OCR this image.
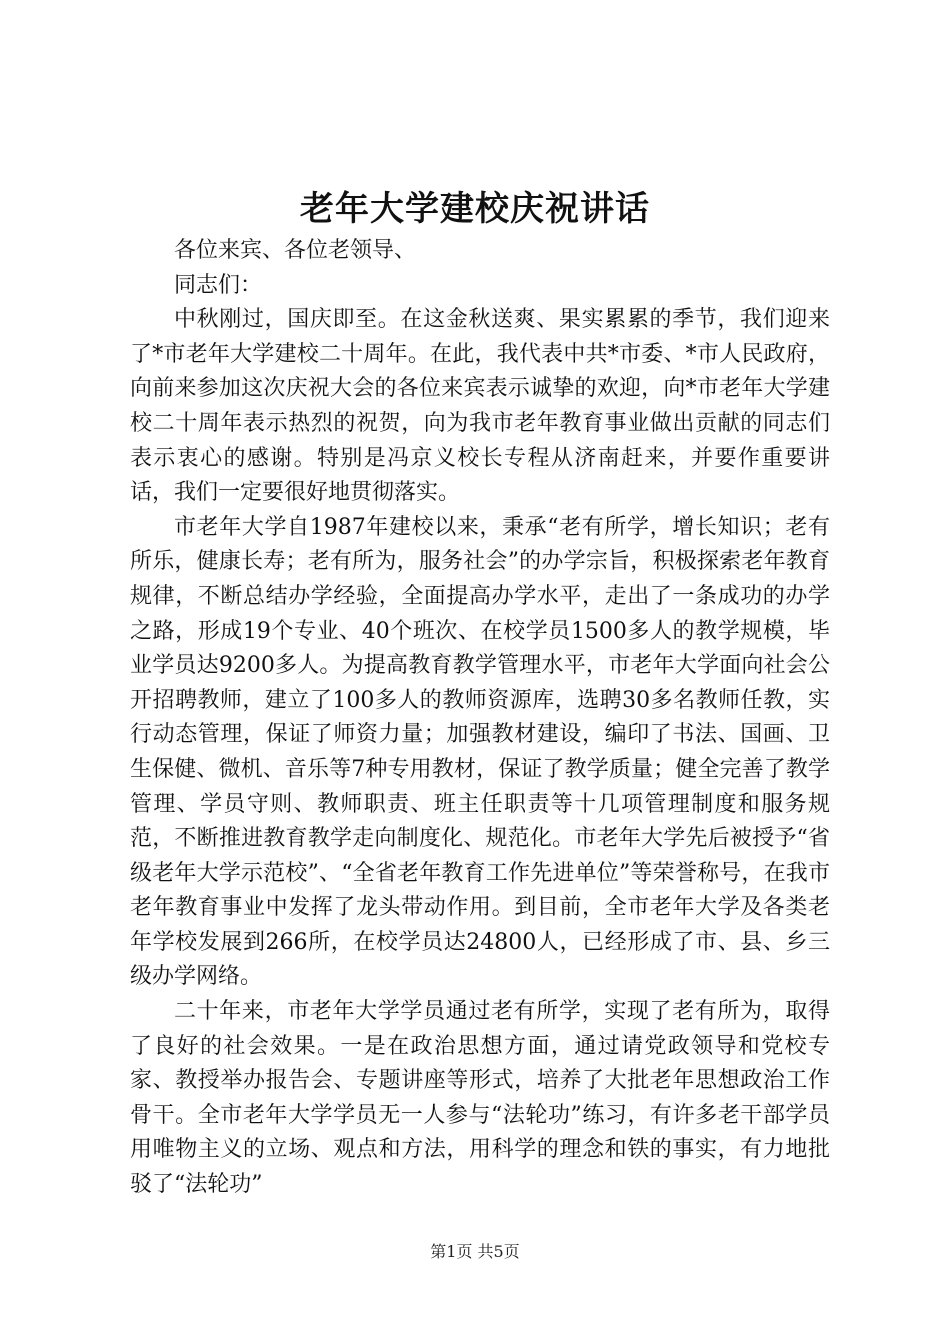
老年大学建校庆祝讲话

各位来宾、各位老领导、

同志们：

中秋刚过，国庆即至。在这金秋送爽、果实累累的季节，我们迎来了*市老年大学建校二十周年。在此，我代表中共*市委、*市人民政府，向前来参加这次庆祝大会的各位来宾表示诚挚的欢迎，向*市老年大学建校二十周年表示热烈的祝贺，向为我市老年教育事业做出贡献的同志们表示衷心的感谢。特别是冯京义校长专程从济南赶来，并要作重要讲话，我们一定要很好地贯彻落实。

市老年大学自1987年建校以来，秉承“老有所学，增长知识；老有所乐，健康长寿；老有所为，服务社会”的办学宗旨，积极探索老年教育规律，不断总结办学经验，全面提高办学水平，走出了一条成功的办学之路，形成19个专业、40个班次、在校学员1500多人的教学规模，毕业学员达9200多人。为提高教育教学管理水平，市老年大学面向社会公开招聘教师，建立了100多人的教师资源库，选聘30多名教师任教，实行动态管理，保证了师资力量；加强教材建设，编印了书法、国画、卫生保健、微机、音乐等7种专用教材，保证了教学质量；健全完善了教学管理、学员守则、教师职责、班主任职责等十几项管理制度和服务规范，不断推进教育教学走向制度化、规范化。市老年大学先后被授予“省级老年大学示范校”、“全省老年教育工作先进单位”等荣誉称号，在我市老年教育事业中发挥了龙头带动作用。到目前，全市老年大学及各类老年学校发展到266所，在校学员达24800人，已经形成了市、县、乡三级办学网络。

二十年来，市老年大学学员通过老有所学，实现了老有所为，取得了良好的社会效果。一是在政治思想方面，通过请党政领导和党校专家、教授举办报告会、专题讲座等形式，培养了大批老年思想政治工作骨干。全市老年大学学员无一人参与“法轮功”练习，有许多老干部学员用唯物主义的立场、观点和方法，用科学的理念和铁的事实，有力地批驳了“法轮功”

第1页 共5页
